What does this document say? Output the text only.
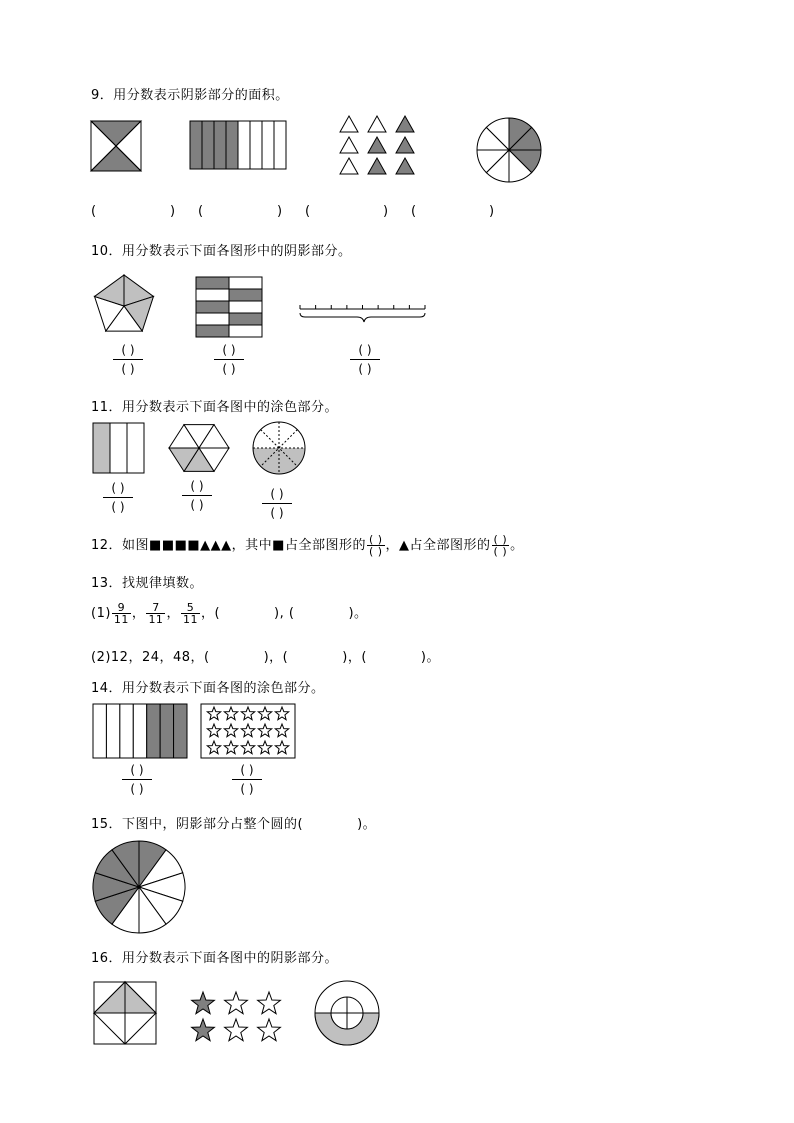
9．用分数表示阴影部分的面积。
(	) (	) (	) (	)
10．用分数表示下面各图形中的阴影部分。
( )
( )
( )
( )
( )
( )
11．用分数表示下面各图中的涂色部分。
( )
( )
( )
( )
( )
( )
12．如图■■■■▲▲▲，其中■占全部图形的 ( )
( ) ，▲占全部图形的 ( )
( ) 。
13．找规律填数。
$(1) \frac{9}{11}$ ， $\frac{7}{11}$ ， $\frac{5}{11}$ ，(　　　　), (　　　　)。
(2)12，24，48，(　　　　)，(　　　　)，(　　　　)。
14．用分数表示下面各图的涂色部分。
( )
( )
( )
( )
15．下图中，阴影部分占整个圆的(　　　　)。
16．用分数表示下面各图中的阴影部分。
